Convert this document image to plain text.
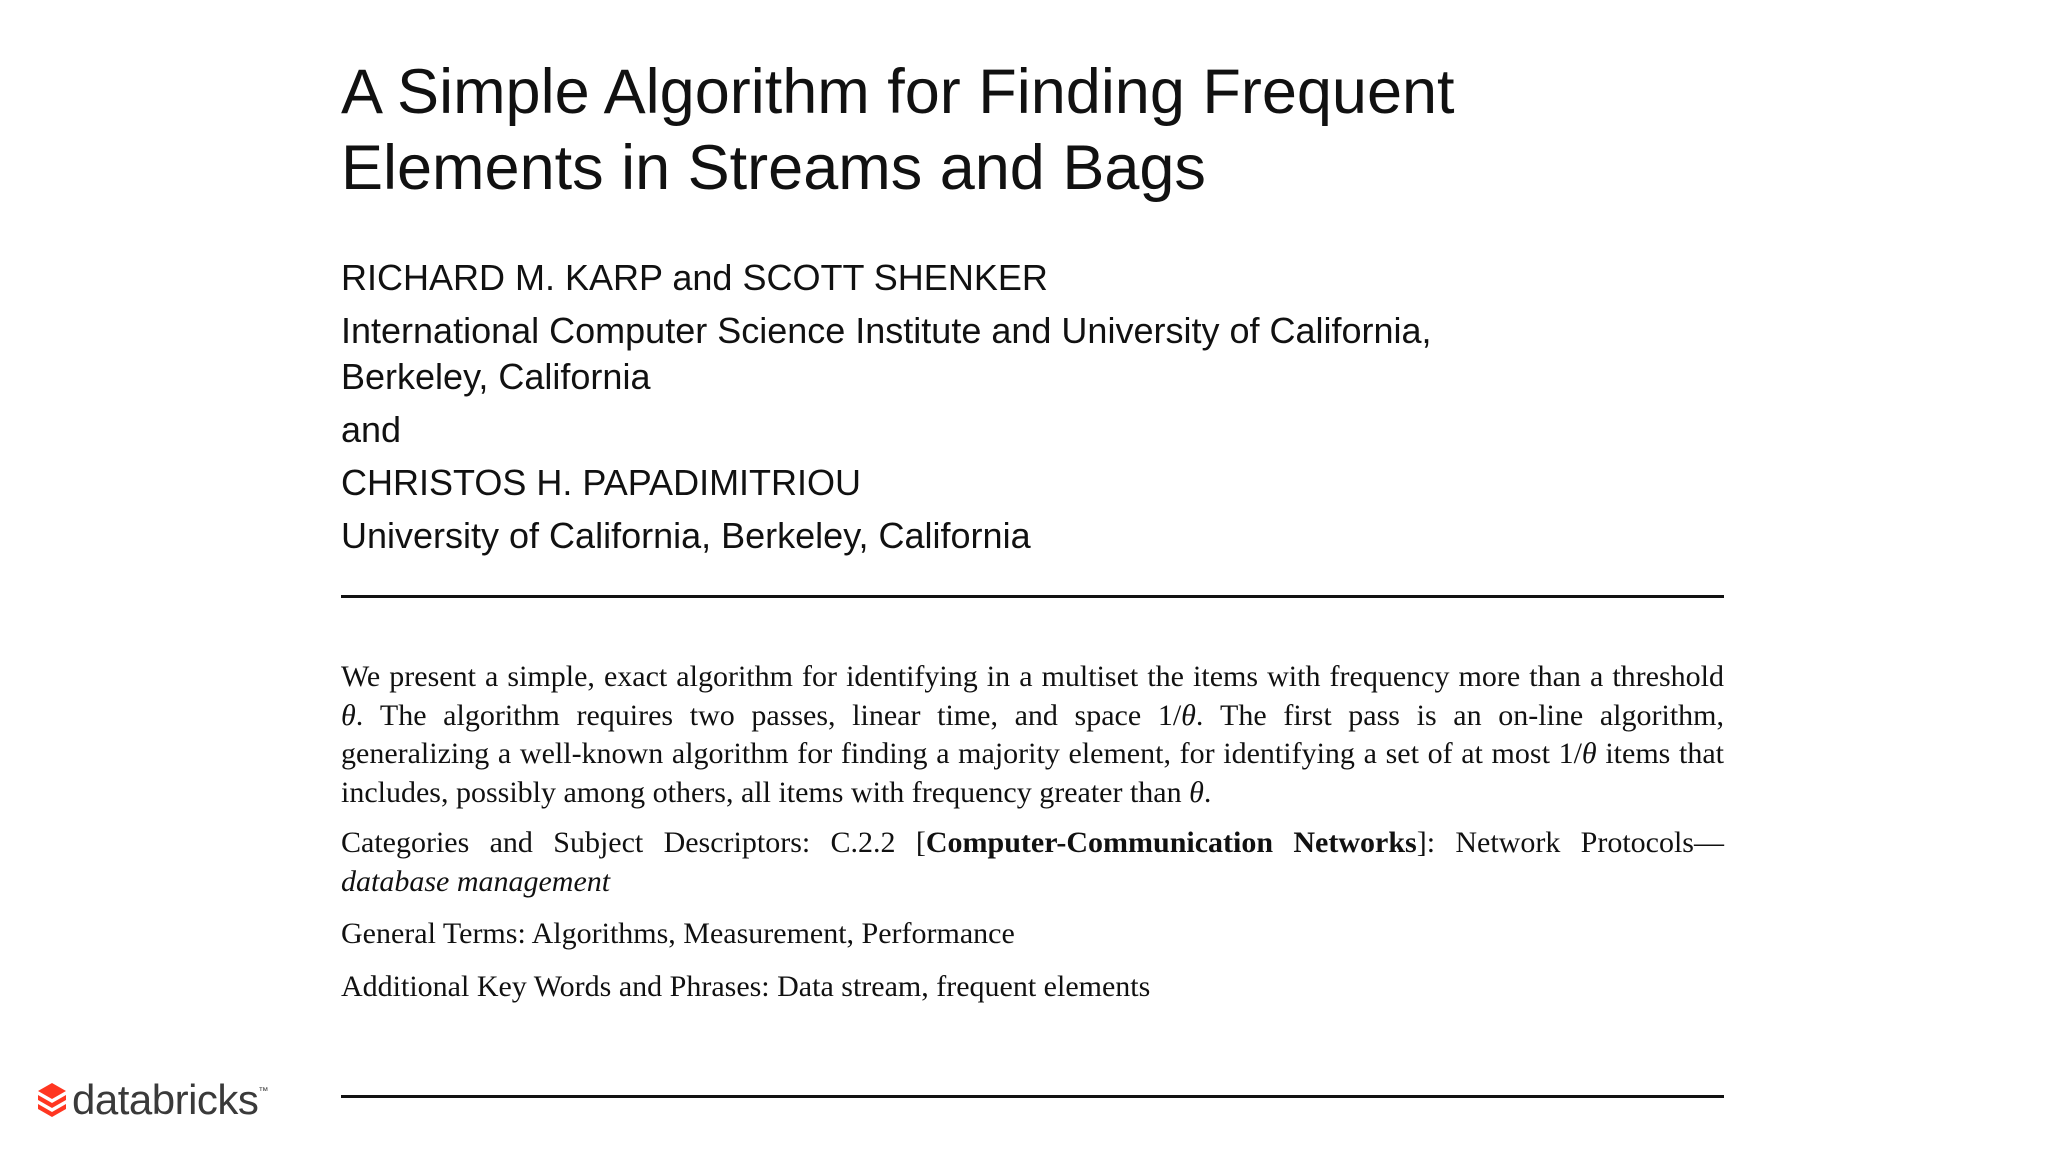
A Simple Algorithm for Finding Frequent
Elements in Streams and Bags
RICHARD M. KARP and SCOTT SHENKER
International Computer Science Institute and University of California,
Berkeley, California
and
CHRISTOS H. PAPADIMITRIOU
University of California, Berkeley, California

We present a simple, exact algorithm for identifying in a multiset the items with frequency more than a threshold θ. The algorithm requires two passes, linear time, and space 1/θ. The first pass is an on-line algorithm, generalizing a well-known algorithm for finding a majority element, for identifying a set of at most 1/θ items that includes, possibly among others, all items with frequency greater than θ.

Categories and Subject Descriptors: C.2.2 [Computer-Communication Networks]: Network Protocols—database management

General Terms: Algorithms, Measurement, Performance

Additional Key Words and Phrases: Data stream, frequent elements

databricks ™
